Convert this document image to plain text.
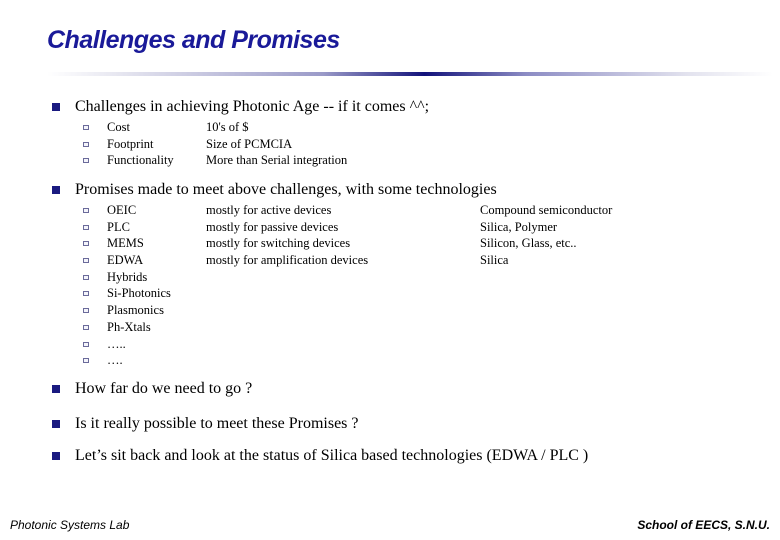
Challenges and Promises
Challenges in achieving Photonic Age -- if it comes ^^;
Cost
Footprint
Functionality
10's of $
Size of PCMCIA
More than Serial integration
Promises made to meet above challenges, with some technologies
OEIC
PLC
MEMS
EDWA
Hybrids
Si-Photonics
Plasmonics
Ph-Xtals
…..
….
mostly for active devices
mostly for passive devices
mostly for switching devices
mostly for amplification devices
Compound semiconductor
Silica, Polymer
Silicon, Glass, etc..
Silica
How far do we need to go ?
Is it really possible to meet these Promises ?
Let’s sit back and look at the status of Silica based technologies (EDWA / PLC )
Photonic Systems Lab	School of EECS, S.N.U.
